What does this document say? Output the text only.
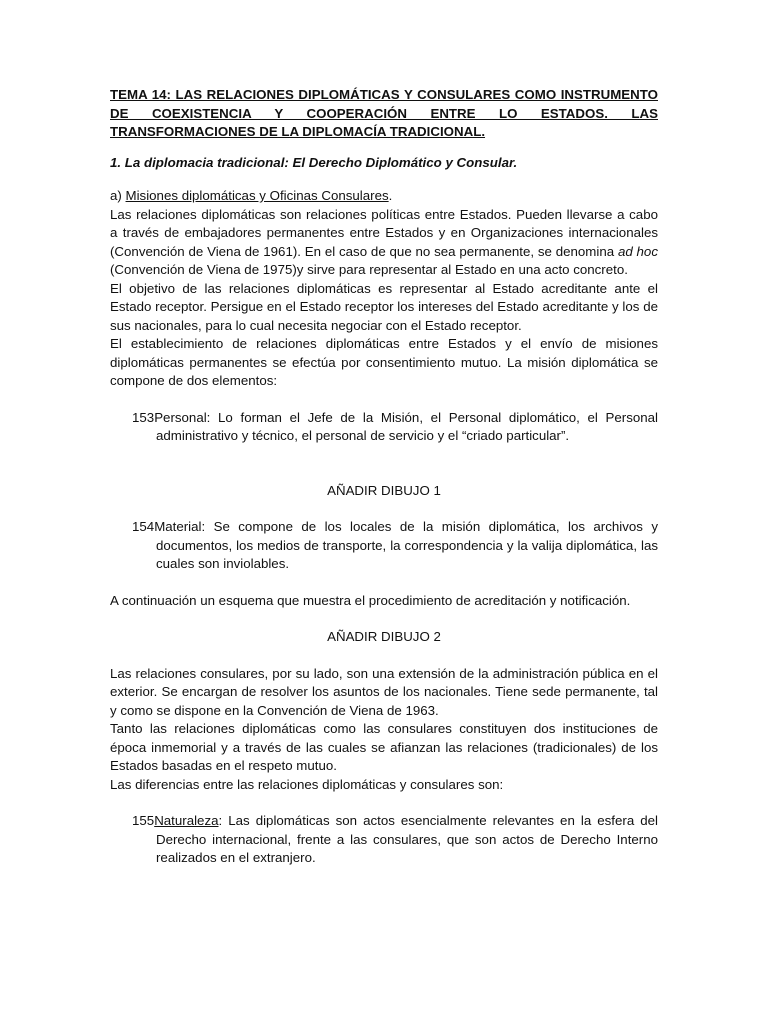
TEMA 14: LAS RELACIONES DIPLOMÁTICAS Y CONSULARES COMO INSTRUMENTO DE COEXISTENCIA Y COOPERACIÓN ENTRE LO ESTADOS. LAS TRANSFORMACIONES DE LA DIPLOMACÍA TRADICIONAL.
1. La diplomacia tradicional: El Derecho Diplomático y Consular.
a) Misiones diplomáticas y Oficinas Consulares.

Las relaciones diplomáticas son relaciones políticas entre Estados. Pueden llevarse a cabo a través de embajadores permanentes entre Estados y en Organizaciones internacionales (Convención de Viena de 1961). En el caso de que no sea permanente, se denomina ad hoc (Convención de Viena de 1975)y sirve para representar al Estado en una acto concreto.

El objetivo de las relaciones diplomáticas es representar al Estado acreditante ante el Estado receptor. Persigue en el Estado receptor los intereses del Estado acreditante y los de sus nacionales, para lo cual necesita negociar con el Estado receptor.

El establecimiento de relaciones diplomáticas entre Estados y el envío de misiones diplomáticas permanentes se efectúa por consentimiento mutuo. La misión diplomática se compone de dos elementos:

153Personal: Lo forman el Jefe de la Misión, el Personal diplomático, el Personal administrativo y técnico, el personal de servicio y el “criado particular”.

AÑADIR DIBUJO 1

154Material: Se compone de los locales de la misión diplomática, los archivos y documentos, los medios de transporte, la correspondencia y la valija diplomática, las cuales son inviolables.

A continuación un esquema que muestra el procedimiento de acreditación y notificación.

AÑADIR DIBUJO 2

Las relaciones consulares, por su lado, son una extensión de la administración pública en el exterior. Se encargan de resolver los asuntos de los nacionales. Tiene sede permanente, tal y como se dispone en la Convención de Viena de 1963.

Tanto las relaciones diplomáticas como las consulares constituyen dos instituciones de época inmemorial y a través de las cuales se afianzan las relaciones (tradicionales) de los Estados basadas en el respeto mutuo.

Las diferencias entre las relaciones diplomáticas y consulares son:

155Naturaleza: Las diplomáticas son actos esencialmente relevantes en la esfera del Derecho internacional, frente a las consulares, que son actos de Derecho Interno realizados en el extranjero.
